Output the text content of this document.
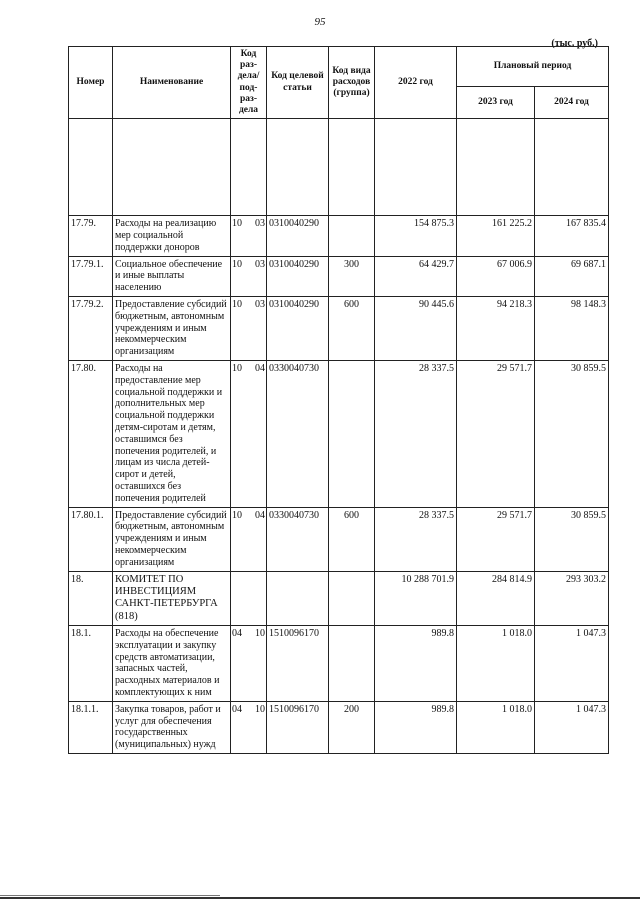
95
(тыс. руб.)
Номер	Наименование	Код раз-дела/ под-раз-дела	Код целевой статьи	Код вида расходов (группа)	2022 год	Плановый период	
						2023 год	2024 год

17.79.	Расходы на реализацию мер социальной поддержки доноров	10 03	0310040290		154 875.3	161 225.2	167 835.4
17.79.1.	Социальное обеспечение и иные выплаты населению	10 03	0310040290	300	64 429.7	67 006.9	69 687.1
17.79.2.	Предоставление субсидий бюджетным, автономным учреждениям и иным некоммерческим организациям	10 03	0310040290	600	90 445.6	94 218.3	98 148.3
17.80.	Расходы на предоставление мер социальной поддержки и дополнительных мер социальной поддержки детям-сиротам и детям, оставшимся без попечения родителей, и лицам из числа детей-сирот и детей, оставшихся без попечения родителей	10 04	0330040730		28 337.5	29 571.7	30 859.5
17.80.1.	Предоставление субсидий бюджетным, автономным учреждениям и иным некоммерческим организациям	10 04	0330040730	600	28 337.5	29 571.7	30 859.5
18.	КОМИТЕТ ПО ИНВЕСТИЦИЯМ САНКТ-ПЕТЕРБУРГА (818)				10 288 701.9	284 814.9	293 303.2
18.1.	Расходы на обеспечение эксплуатации и закупку средств автоматизации, запасных частей, расходных материалов и комплектующих к ним	04 10	1510096170		989.8	1 018.0	1 047.3
18.1.1.	Закупка товаров, работ и услуг для обеспечения государственных (муниципальных) нужд	04 10	1510096170	200	989.8	1 018.0	1 047.3
